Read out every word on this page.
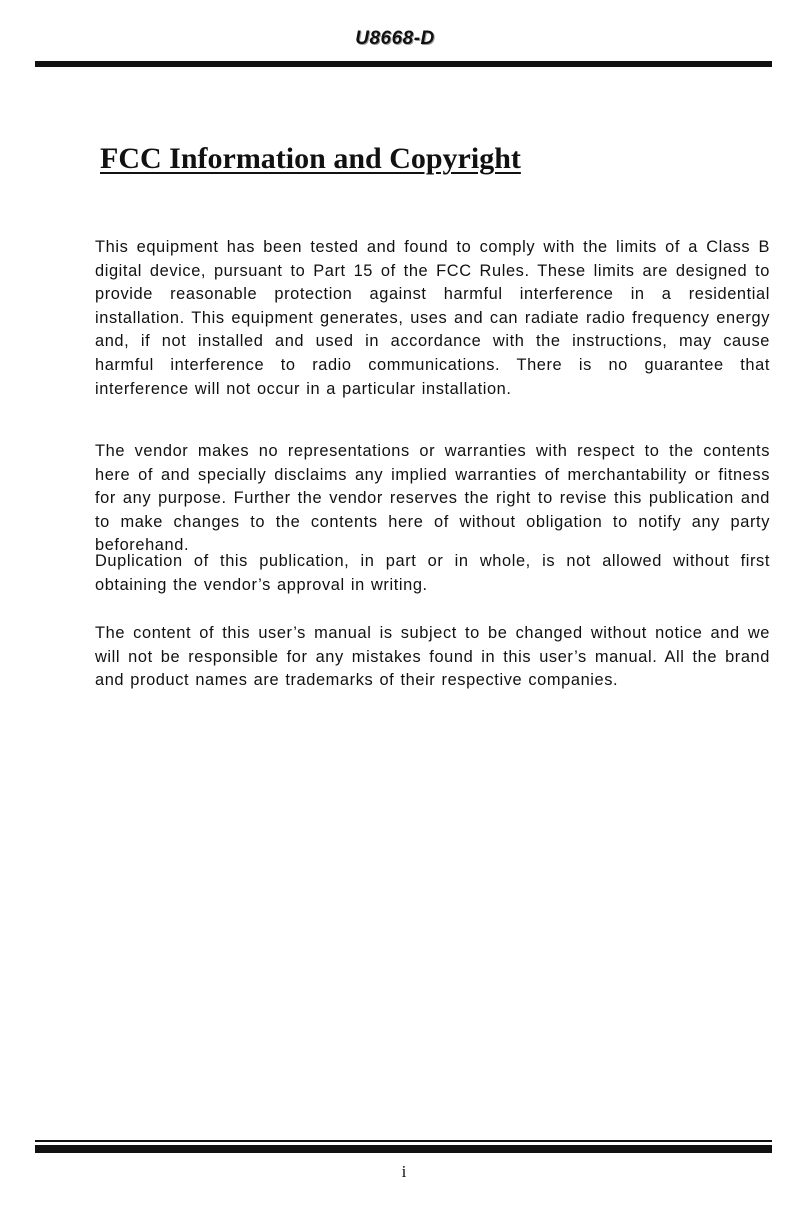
U8668-D
FCC Information and Copyright

This equipment has been tested and found to comply with the limits of a Class B digital device, pursuant to Part 15 of the FCC Rules. These limits are designed to provide reasonable protection against harmful interference in a residential installation. This equipment generates, uses and can radiate radio frequency energy and, if not installed and used in accordance with the instructions, may cause harmful interference to radio communications. There is no guarantee that interference will not occur in a particular installation.

The vendor makes no representations or warranties with respect to the contents here of and specially disclaims any implied warranties of merchantability or fitness for any purpose. Further the vendor reserves the right to revise this publication and to make changes to the contents here of without obligation to notify any party beforehand.

Duplication of this publication, in part or in whole, is not allowed without first obtaining the vendor’s approval in writing.

The content of this user’s manual is subject to be changed without notice and we will not be responsible for any mistakes found in this user’s manual. All the brand and product names are trademarks of their respective companies.

i
